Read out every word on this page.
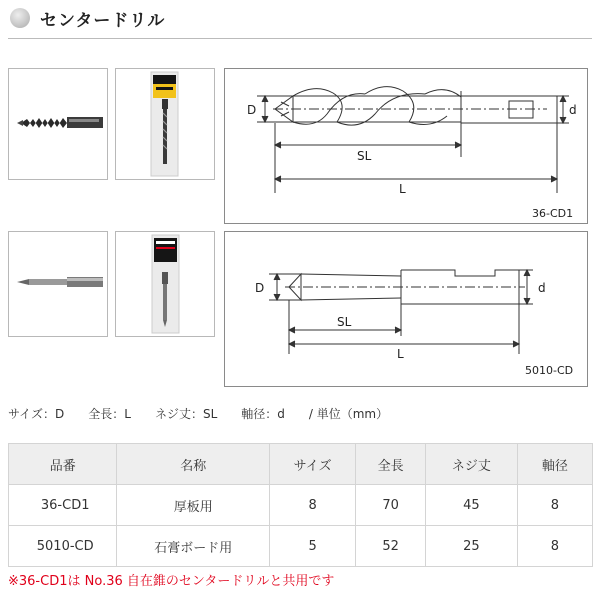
センタードリル
D	d
SL
L
36-CD1
D	d
SL
L
5010-CD
サイズ：D　　全長：L　　ネジ丈：SL　　軸径：d　　/ 単位（mm）
品番	名称	サイズ	全長	ネジ丈	軸径
36-CD1	厚板用	8	70	45	8
5010-CD	石膏ボード用	5	52	25	8
※36-CD1は No.36 自在錐のセンタードリルと共用です
